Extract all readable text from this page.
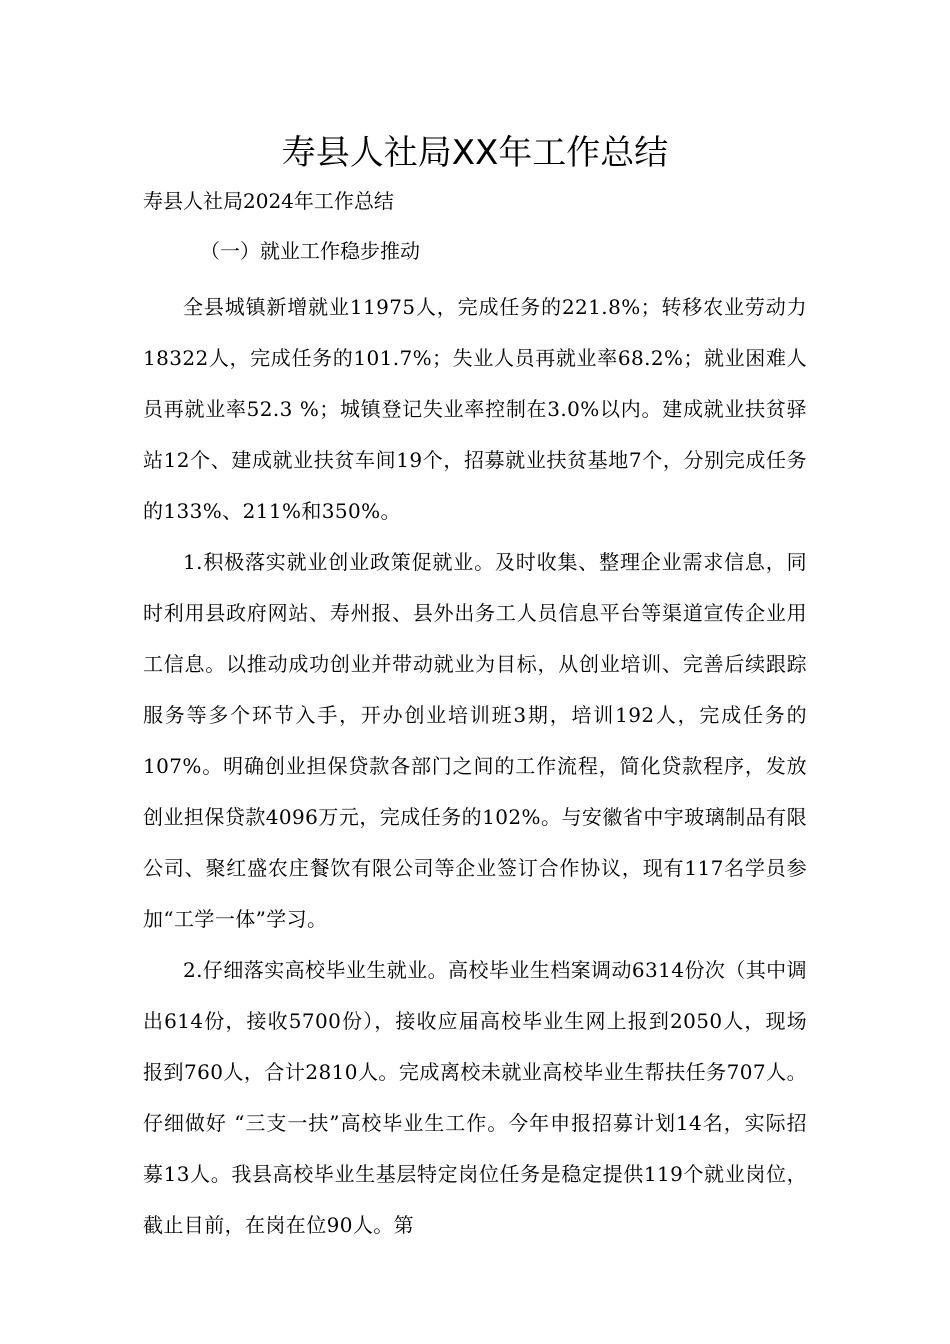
寿县人社局XX年工作总结

寿县人社局2024年工作总结

（一）就业工作稳步推动

全县城镇新增就业11975人，完成任务的221.8%；转移农业劳动力18322人，完成任务的101.7%；失业人员再就业率68.2%；就业困难人员再就业率52.3 %；城镇登记失业率控制在3.0%以内。建成就业扶贫驿站12个、建成就业扶贫车间19个，招募就业扶贫基地7个，分别完成任务的133%、211%和350%。

1.积极落实就业创业政策促就业。及时收集、整理企业需求信息，同时利用县政府网站、寿州报、县外出务工人员信息平台等渠道宣传企业用工信息。以推动成功创业并带动就业为目标，从创业培训、完善后续跟踪服务等多个环节入手，开办创业培训班3期，培训192人，完成任务的107%。明确创业担保贷款各部门之间的工作流程，简化贷款程序，发放创业担保贷款4096万元，完成任务的102%。与安徽省中宇玻璃制品有限公司、聚红盛农庄餐饮有限公司等企业签订合作协议，现有117名学员参加“工学一体”学习。

2.仔细落实高校毕业生就业。高校毕业生档案调动6314份次（其中调出614份，接收5700份），接收应届高校毕业生网上报到2050人，现场报到760人，合计2810人。完成离校未就业高校毕业生帮扶任务707人。仔细做好 “三支一扶”高校毕业生工作。今年申报招募计划14名，实际招募13人。我县高校毕业生基层特定岗位任务是稳定提供119个就业岗位，截止目前，在岗在位90人。第
